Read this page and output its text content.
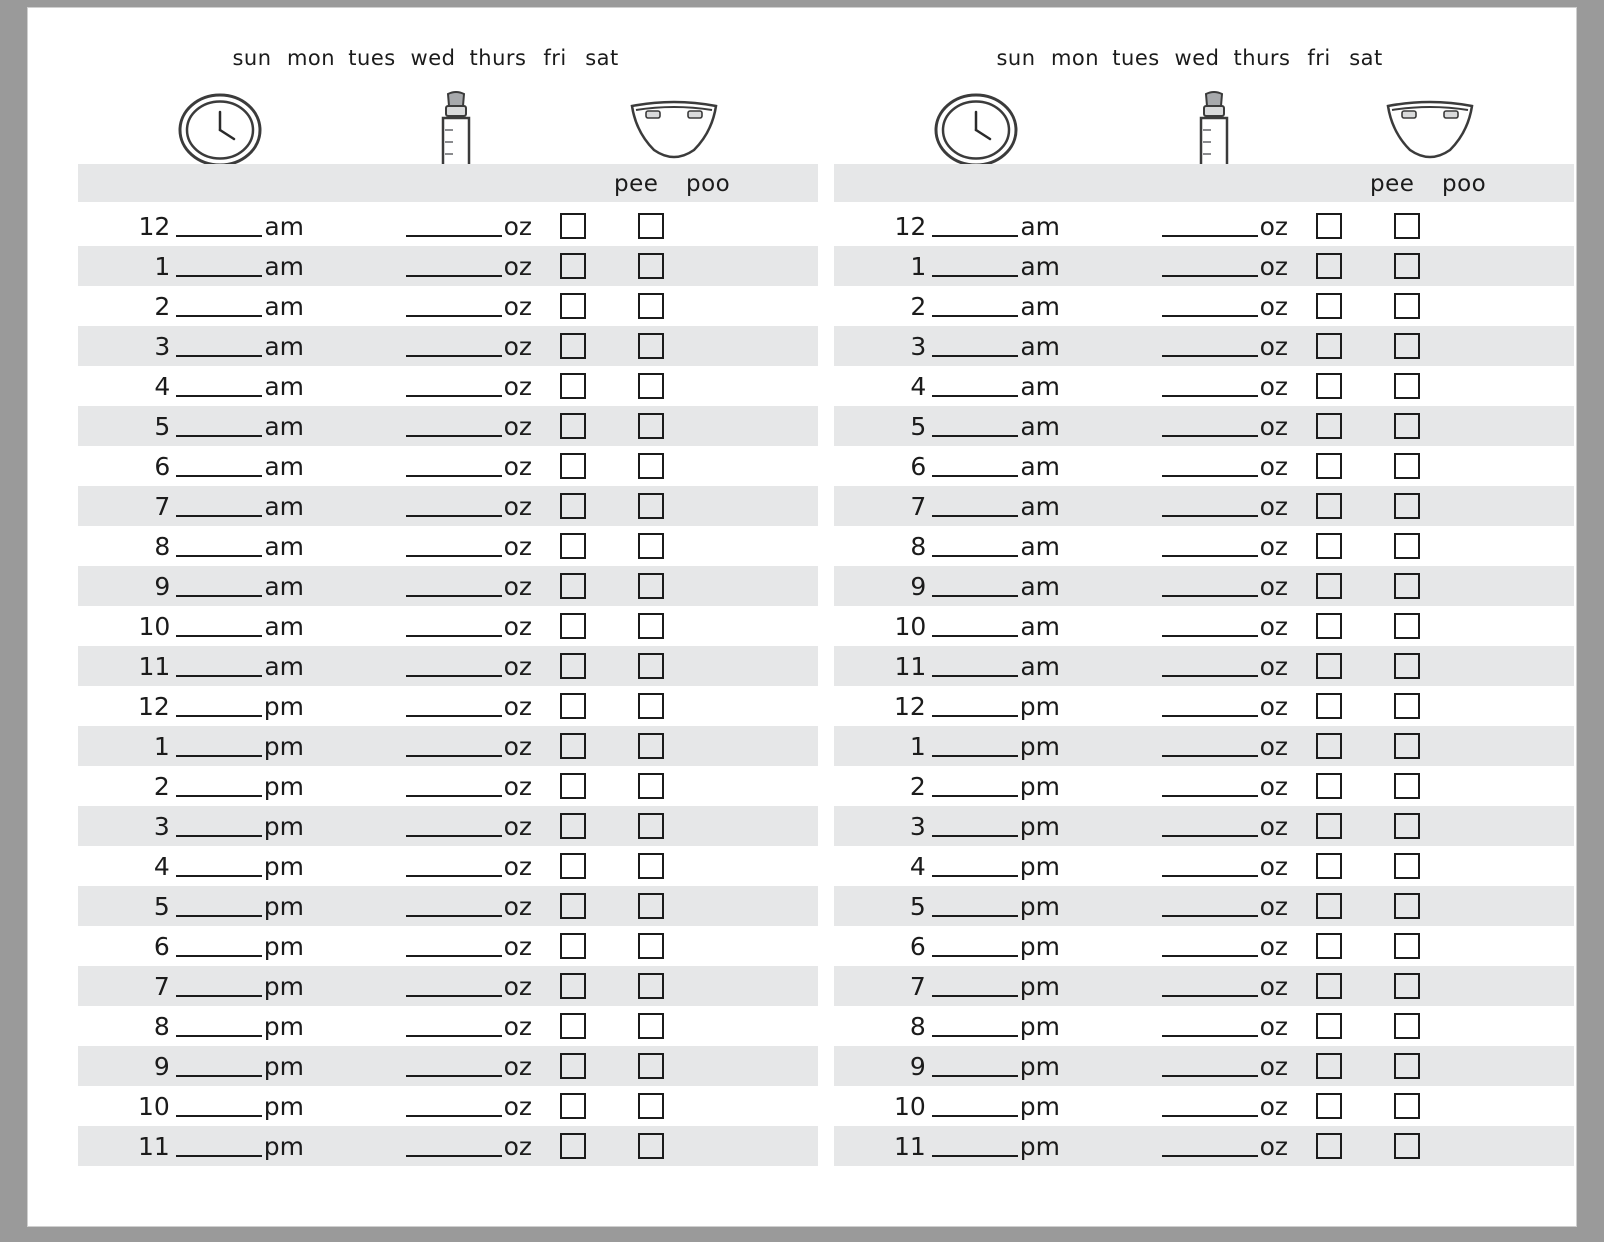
sun mon tues wed thurs fri sat
pee poo
12	am	oz
1	am	oz
2	am	oz
3	am	oz
4	am	oz
5	am	oz
6	am	oz
7	am	oz
8	am	oz
9	am	oz
10	am	oz
11	am	oz
12	pm	oz
1	pm	oz
2	pm	oz
3	pm	oz
4	pm	oz
5	pm	oz
6	pm	oz
7	pm	oz
8	pm	oz
9	pm	oz
10	pm	oz
11	pm	oz
sun mon tues wed thurs fri sat
pee poo
12	am	oz
1	am	oz
2	am	oz
3	am	oz
4	am	oz
5	am	oz
6	am	oz
7	am	oz
8	am	oz
9	am	oz
10	am	oz
11	am	oz
12	pm	oz
1	pm	oz
2	pm	oz
3	pm	oz
4	pm	oz
5	pm	oz
6	pm	oz
7	pm	oz
8	pm	oz
9	pm	oz
10	pm	oz
11	pm	oz
